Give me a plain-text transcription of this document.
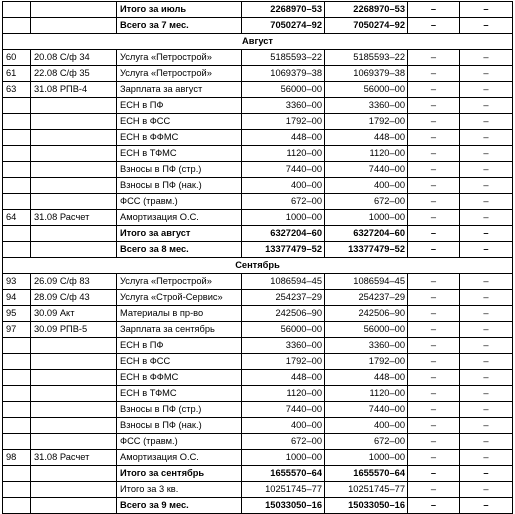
		Итого за июль	2268970–53	2268970–53	–	–
		Всего за 7 мес.	7050274–92	7050274–92	–	–
Август						
60	20.08 С/ф 34	Услуга «Петрострой»	5185593–22	5185593–22	–	–
61	22.08 С/ф 35	Услуга «Петрострой»	1069379–38	1069379–38	–	–
63	31.08 РПВ-4	Зарплата за август	56000–00	56000–00	–	–
		ЕСН в ПФ	3360–00	3360–00	–	–
		ЕСН в ФСС	1792–00	1792–00	–	–
		ЕСН в ФФМС	448–00	448–00	–	–
		ЕСН в ТФМС	1120–00	1120–00	–	–
		Взносы в ПФ (стр.)	7440–00	7440–00	–	–
		Взносы в ПФ (нак.)	400–00	400–00	–	–
		ФСС (травм.)	672–00	672–00	–	–
64	31.08 Расчет	Амортизация О.С.	1000–00	1000–00	–	–
		Итого за август	6327204–60	6327204–60	–	–
		Всего за 8 мес.	13377479–52	13377479–52	–	–
Сентябрь						
93	26.09 С/ф 83	Услуга «Петрострой»	1086594–45	1086594–45	–	–
94	28.09 С/ф 43	Услуга «Строй-Сервис»	254237–29	254237–29	–	–
95	30.09 Акт	Материалы в пр-во	242506–90	242506–90	–	–
97	30.09 РПВ-5	Зарплата за сентябрь	56000–00	56000–00	–	–
		ЕСН в ПФ	3360–00	3360–00	–	–
		ЕСН в ФСС	1792–00	1792–00	–	–
		ЕСН в ФФМС	448–00	448–00	–	–
		ЕСН в ТФМС	1120–00	1120–00	–	–
		Взносы в ПФ (стр.)	7440–00	7440–00	–	–
		Взносы в ПФ (нак.)	400–00	400–00	–	–
		ФСС (травм.)	672–00	672–00	–	–
98	31.08 Расчет	Амортизация О.С.	1000–00	1000–00	–	–
		Итого за сентябрь	1655570–64	1655570–64	–	–
		Итого за 3 кв.	10251745–77	10251745–77	–	–
		Всего за 9 мес.	15033050–16	15033050–16	–	–
